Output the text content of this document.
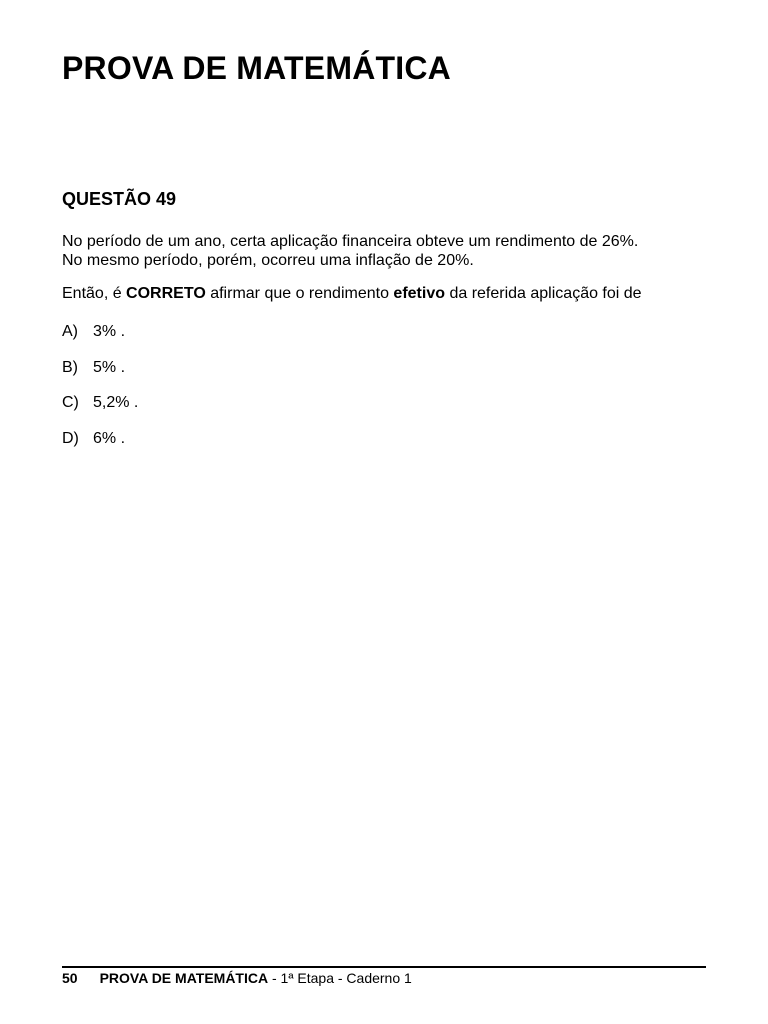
PROVA DE MATEMÁTICA
QUESTÃO 49

No período de um ano, certa aplicação financeira obteve um rendimento de 26%.
No mesmo período, porém, ocorreu uma inflação de 20%.

Então, é CORRETO afirmar que o rendimento efetivo da referida aplicação foi de

A) 3% .
B) 5% .
C) 5,2% .
D) 6% .
50 PROVA DE MATEMÁTICA - 1ª Etapa - Caderno 1
